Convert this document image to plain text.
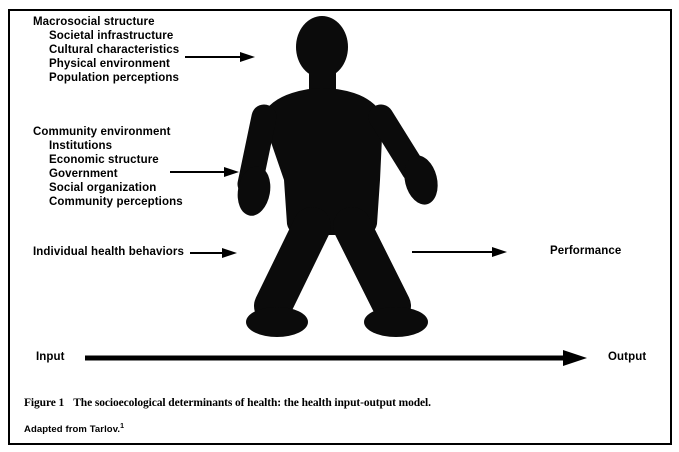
Macrosocial structure
Societal infrastructure
Cultural characteristics
Physical environment
Population perceptions
Community environment
Institutions
Economic structure
Government
Social organization
Community perceptions
Individual health behaviors	Performance
Input	Output
Figure 1 The socioecological determinants of health: the health input-output model.
Adapted from Tarlov.$^1$
